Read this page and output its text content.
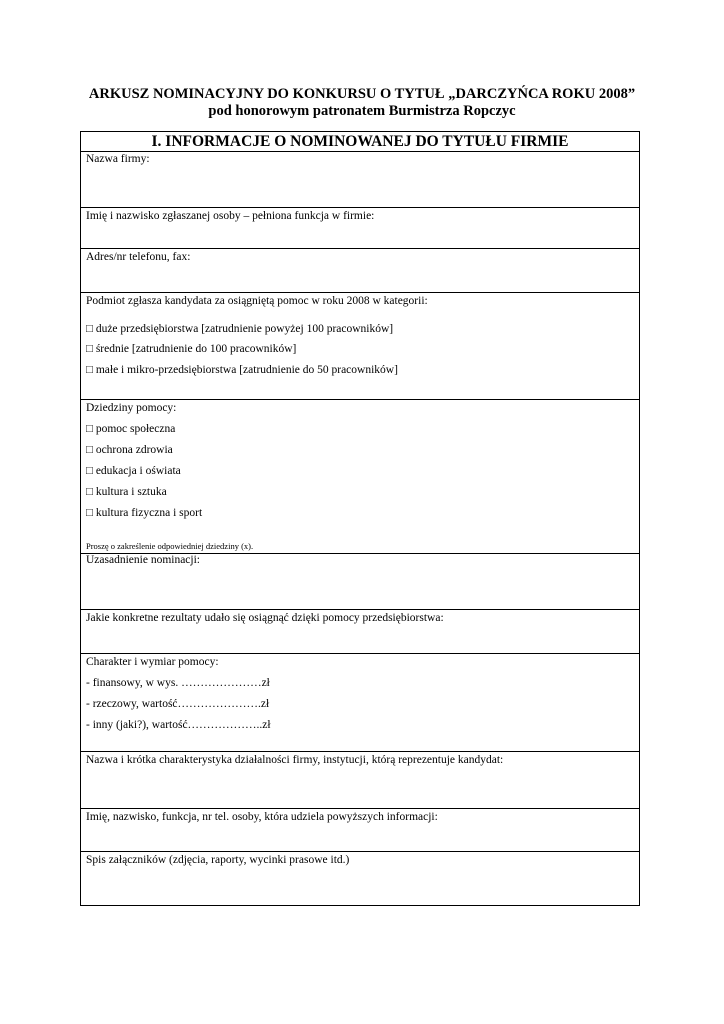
ARKUSZ NOMINACYJNY DO KONKURSU O TYTUŁ „DARCZYŃCA ROKU 2008”
pod honorowym patronatem Burmistrza Ropczyc
I. INFORMACJE O NOMINOWANEJ DO TYTUŁU FIRMIE
Nazwa firmy:
Imię i nazwisko zgłaszanej osoby – pełniona funkcja w firmie:
Adres/nr telefonu, fax:
Podmiot zgłasza kandydata za osiągniętą pomoc w roku 2008 w kategorii:
□ duże przedsiębiorstwa [zatrudnienie powyżej 100 pracowników]
□ średnie [zatrudnienie do 100 pracowników]
□ małe i mikro-przedsiębiorstwa [zatrudnienie do 50 pracowników]
Dziedziny pomocy:
□ pomoc społeczna
□ ochrona zdrowia
□ edukacja i oświata
□ kultura i sztuka
□ kultura fizyczna i sport
Proszę o zakreślenie odpowiedniej dziedziny (x).
Uzasadnienie nominacji:
Jakie konkretne rezultaty udało się osiągnąć dzięki pomocy przedsiębiorstwa:
Charakter i wymiar pomocy:
- finansowy, w wys. …………………zł
- rzeczowy, wartość………………….zł
- inny (jaki?), wartość………………..zł
Nazwa i krótka charakterystyka działalności firmy, instytucji, którą reprezentuje kandydat:
Imię, nazwisko, funkcja, nr tel. osoby, która udziela powyższych informacji:
Spis załączników (zdjęcia, raporty, wycinki prasowe itd.)
